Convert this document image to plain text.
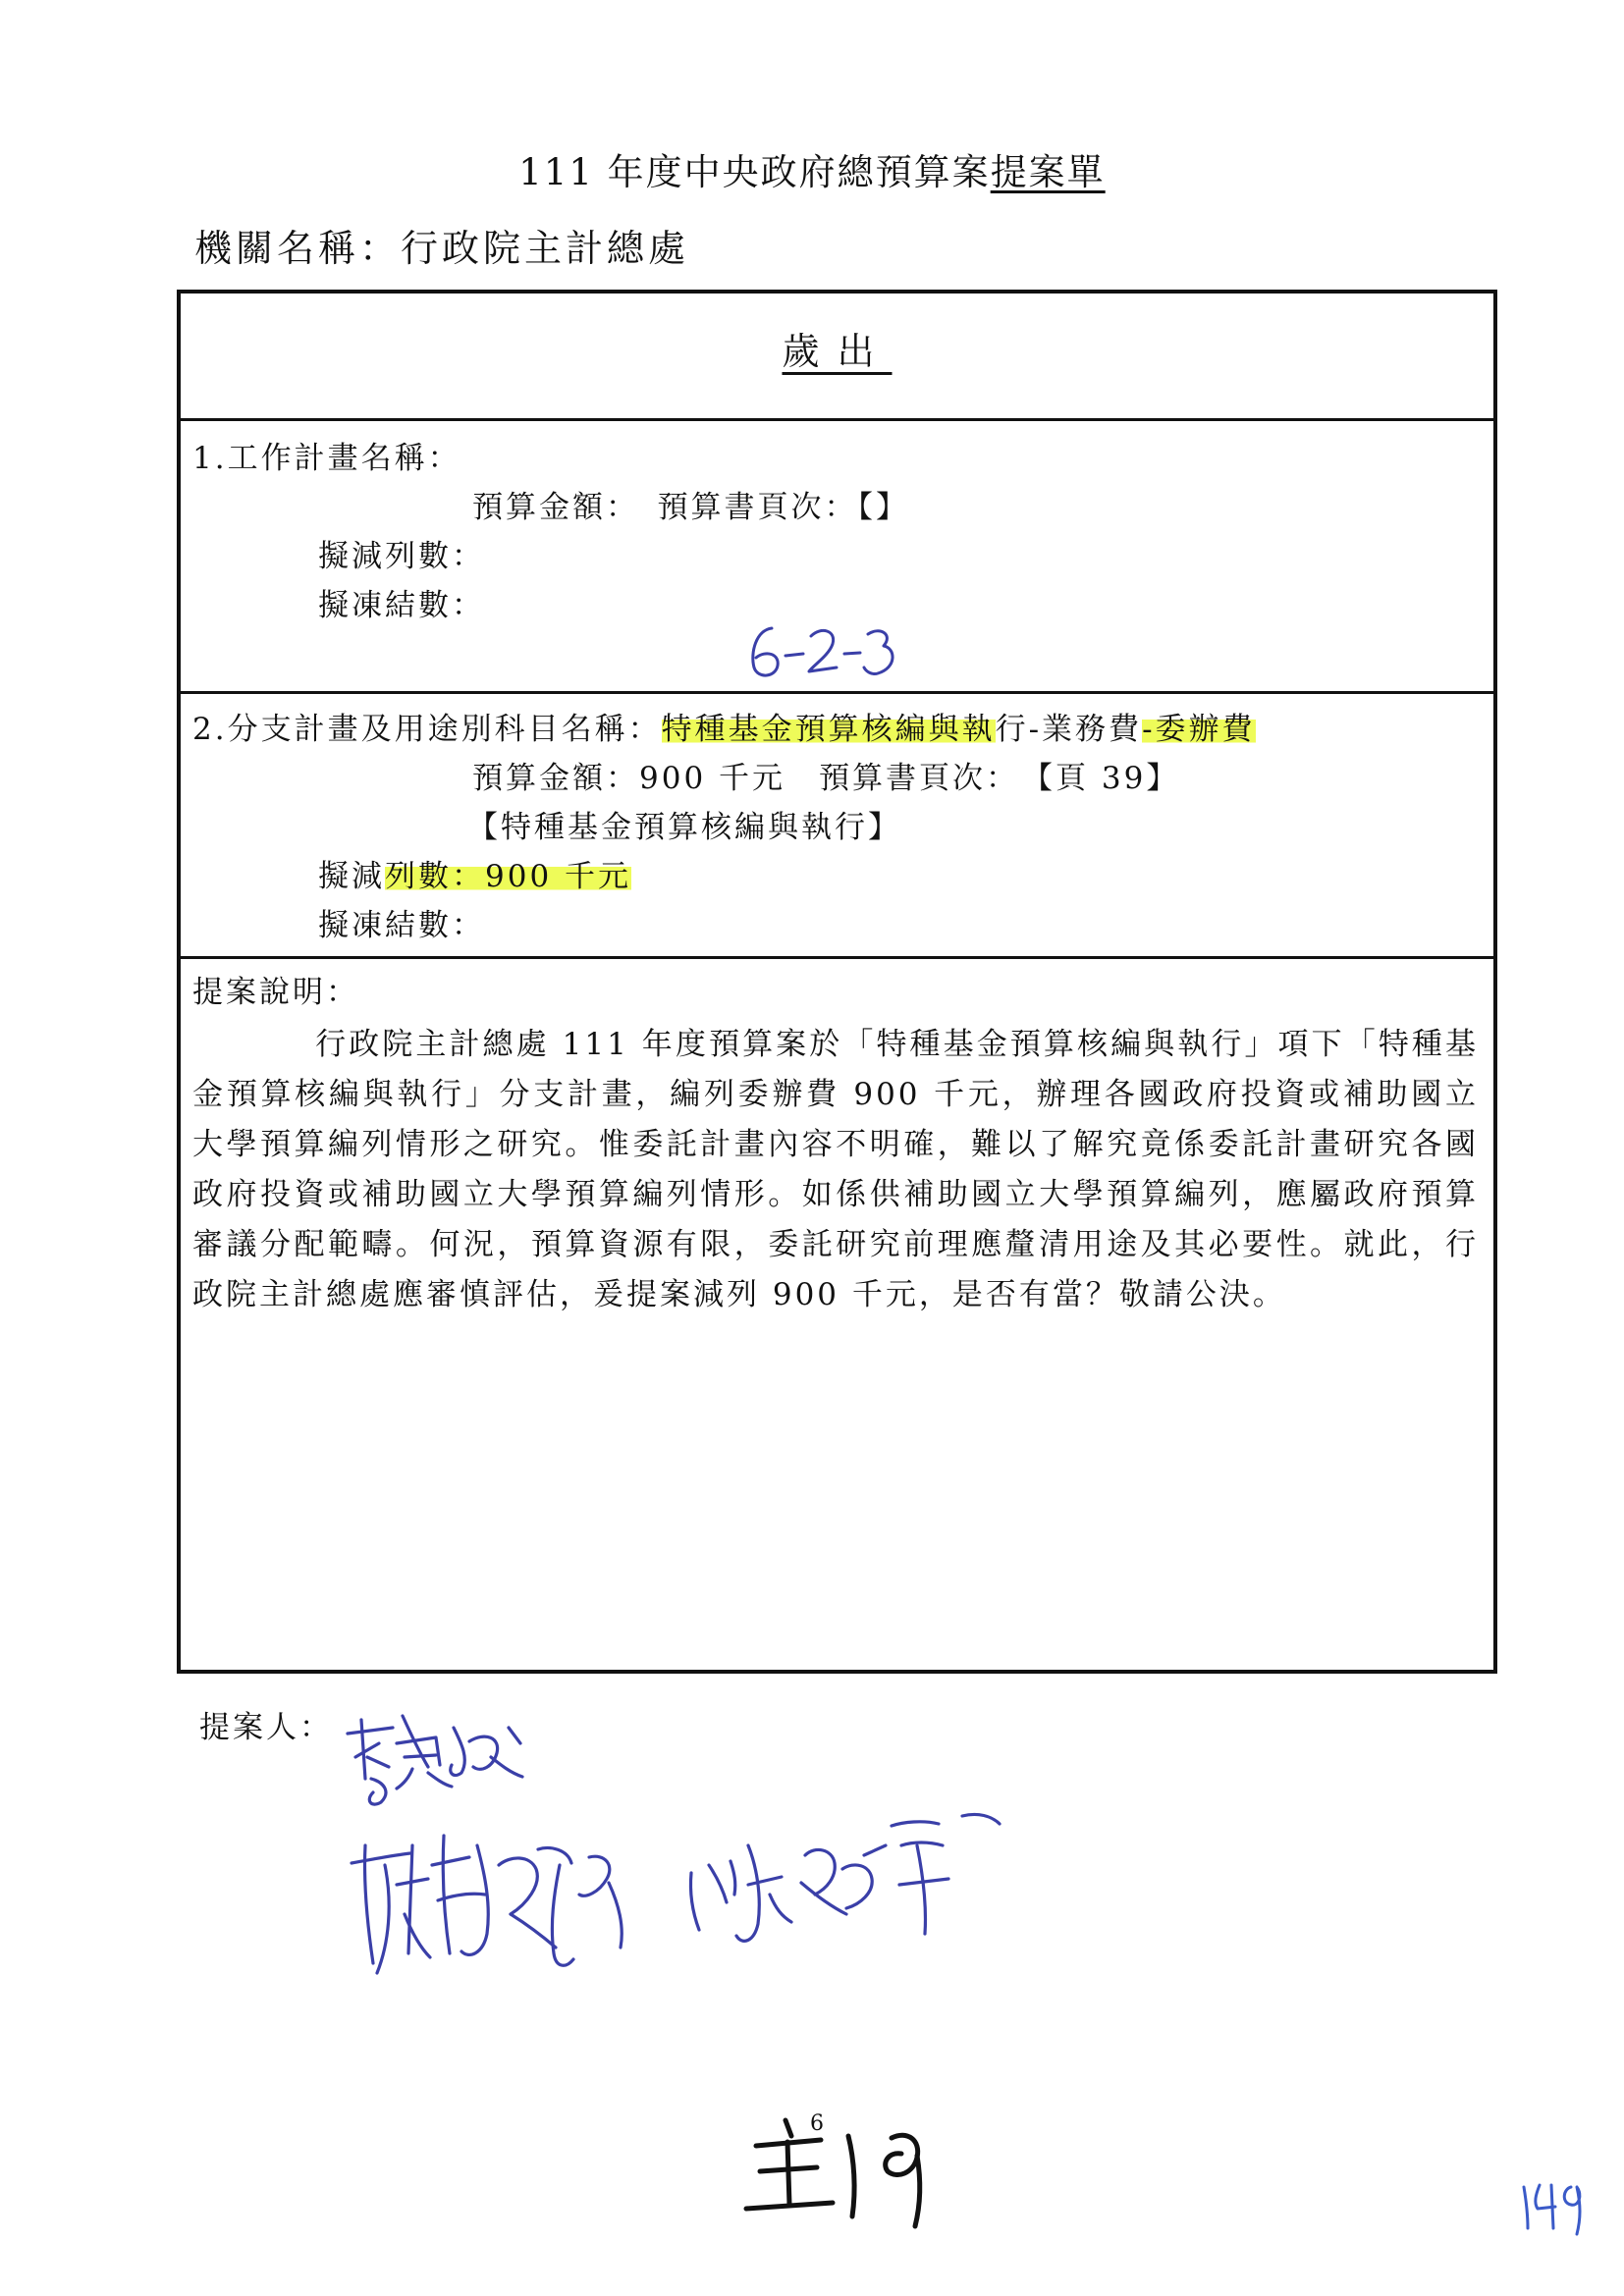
111 年度中央政府總預算案提案單
機關名稱：行政院主計總處
歲出
1.工作計畫名稱：
預算金額：　預算書頁次：【】
擬減列數：
擬凍結數：
2.分支計畫及用途別科目名稱：特種基金預算核編與執行-業務費-委辦費
預算金額：900 千元　預算書頁次：　【頁 39】
【特種基金預算核編與執行】
擬減列數：900 千元
擬凍結數：
提案說明：
行政院主計總處 111 年度預算案於「特種基金預算核編與執行」項下「特種基金預算核編與執行」分支計畫，編列委辦費 900 千元，辦理各國政府投資或補助國立大學預算編列情形之研究。惟委託計畫內容不明確，難以了解究竟係委託計畫研究各國政府投資或補助國立大學預算編列情形。如係供補助國立大學預算編列，應屬政府預算審議分配範疇。何況，預算資源有限，委託研究前理應釐清用途及其必要性。就此，行政院主計總處應審慎評估，爰提案減列 900 千元，是否有當？敬請公決。
提案人：
6
